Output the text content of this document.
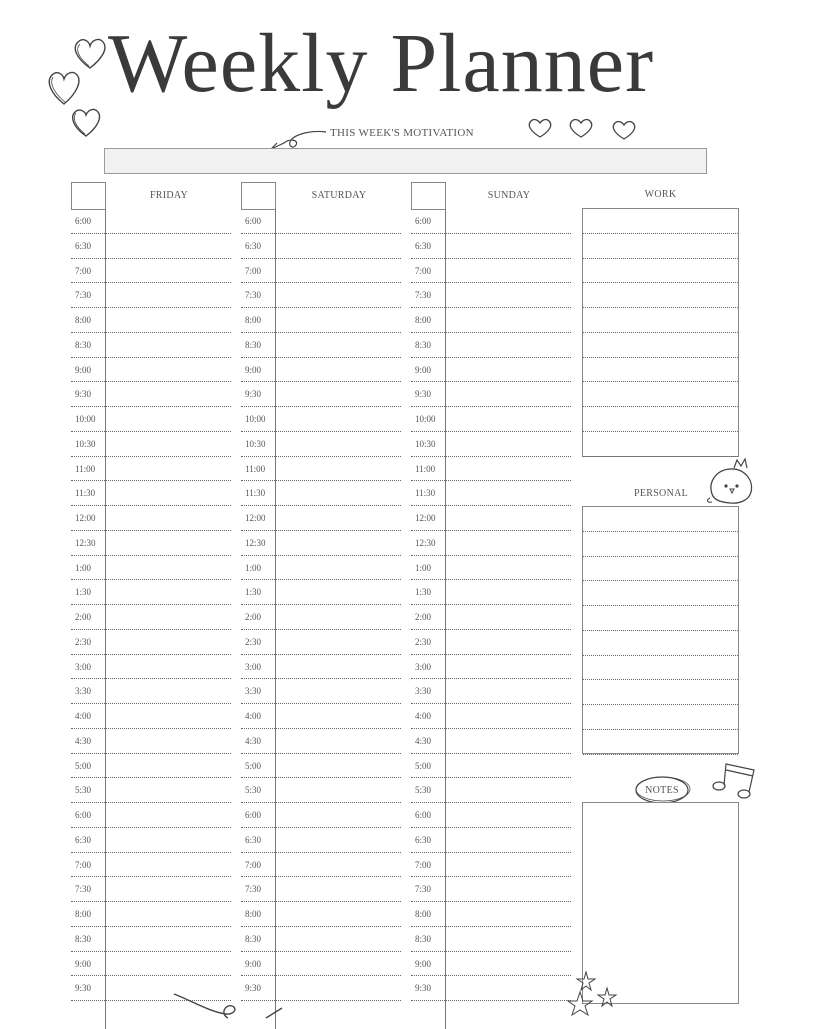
Weekly Planner
THIS WEEK'S MOTIVATION
FRIDAY
6:00
6:30
7:00
7:30
8:00
8:30
9:00
9:30
10:00
10:30
11:00
11:30
12:00
12:30
1:00
1:30
2:00
2:30
3:00
3:30
4:00
4:30
5:00
5:30
6:00
6:30
7:00
7:30
8:00
8:30
9:00
9:30
SATURDAY
6:00
6:30
7:00
7:30
8:00
8:30
9:00
9:30
10:00
10:30
11:00
11:30
12:00
12:30
1:00
1:30
2:00
2:30
3:00
3:30
4:00
4:30
5:00
5:30
6:00
6:30
7:00
7:30
8:00
8:30
9:00
9:30
SUNDAY
6:00
6:30
7:00
7:30
8:00
8:30
9:00
9:30
10:00
10:30
11:00
11:30
12:00
12:30
1:00
1:30
2:00
2:30
3:00
3:30
4:00
4:30
5:00
5:30
6:00
6:30
7:00
7:30
8:00
8:30
9:00
9:30
WORK
PERSONAL
NOTES
